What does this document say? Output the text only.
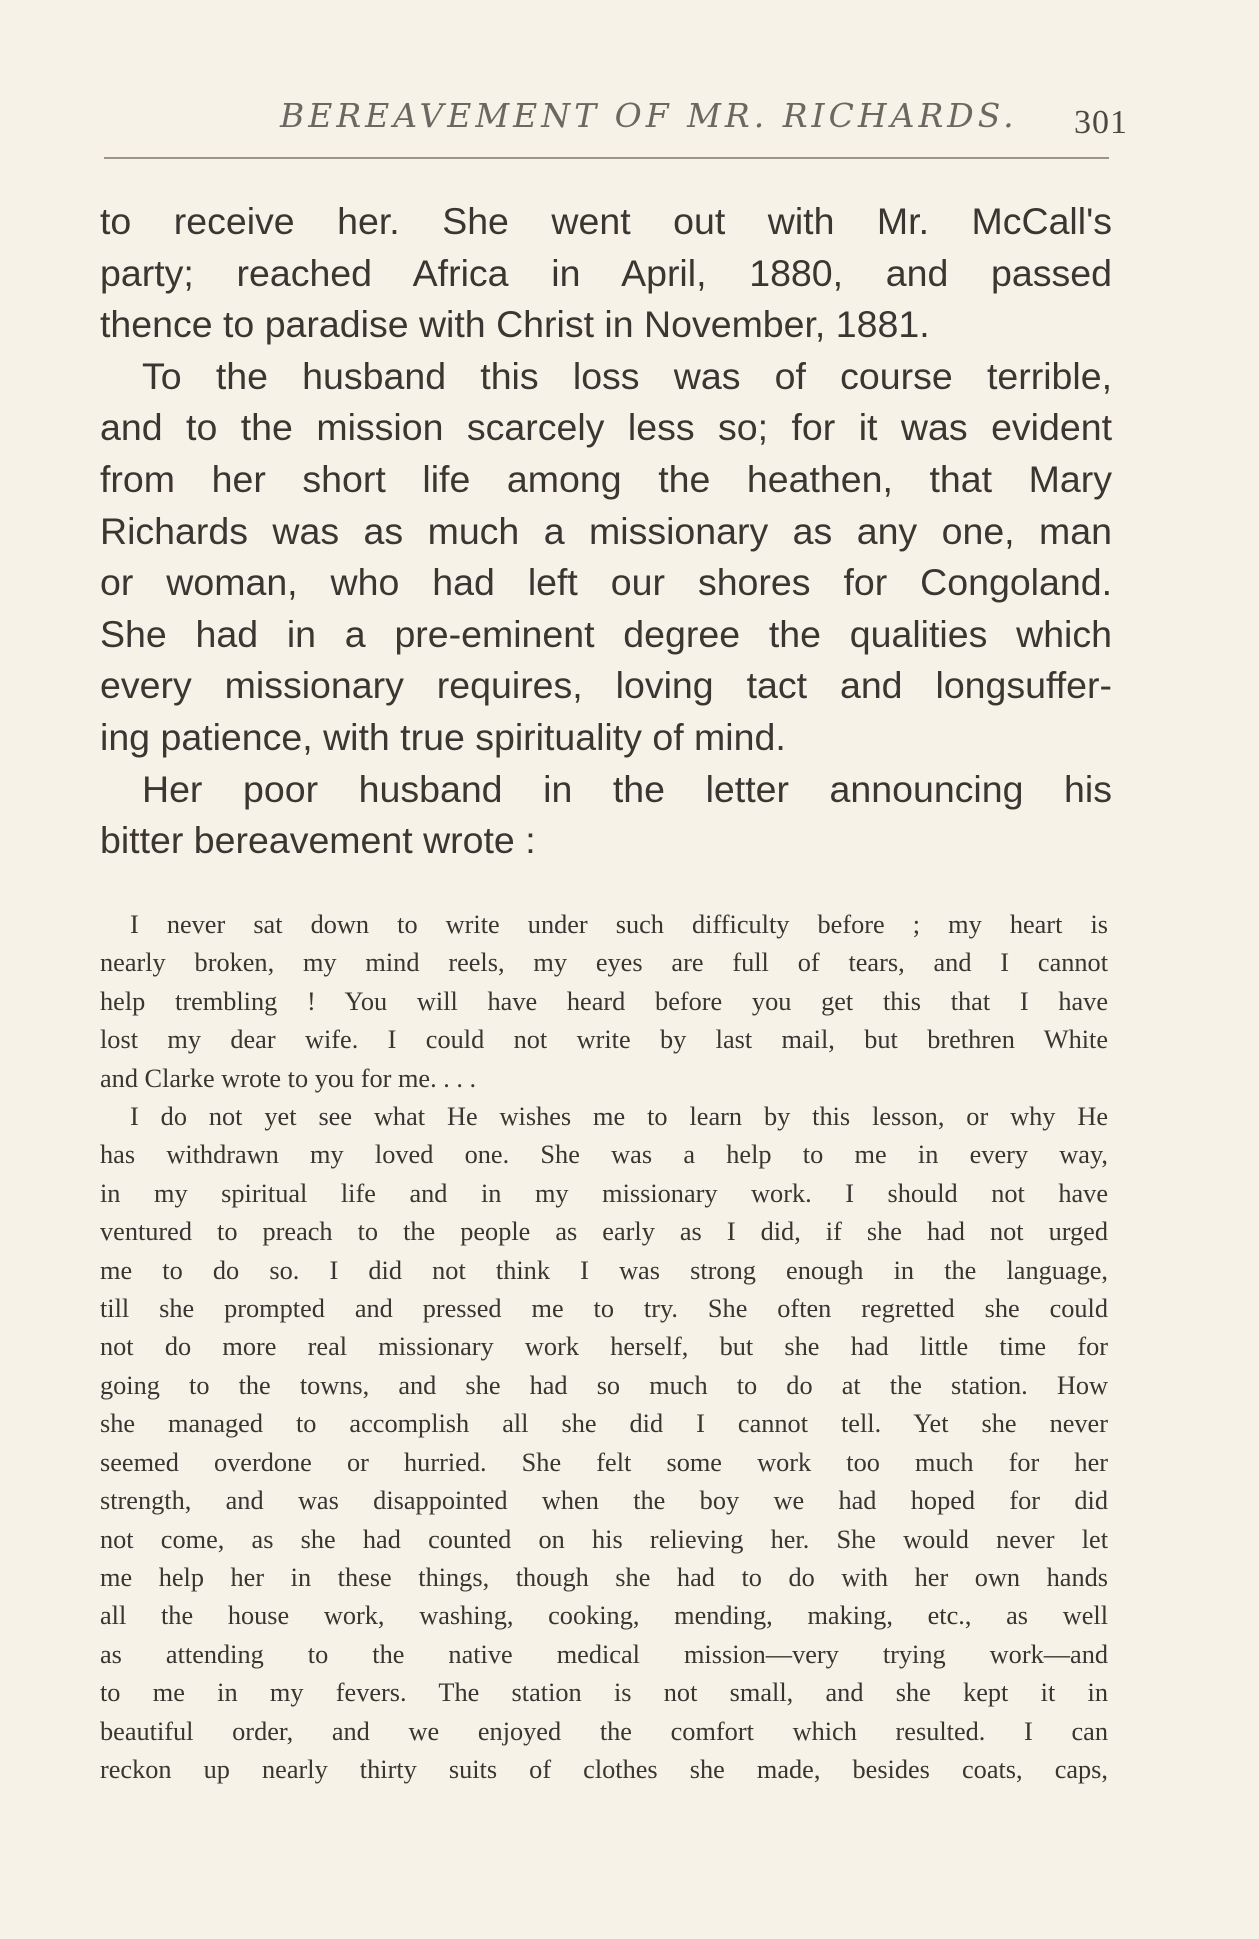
BEREAVEMENT OF MR. RICHARDS. 301
to receive her. She went out with Mr. McCall's
party; reached Africa in April, 1880, and passed
thence to paradise with Christ in November, 1881.
To the husband this loss was of course terrible,
and to the mission scarcely less so; for it was evident
from her short life among the heathen, that Mary
Richards was as much a missionary as any one, man
or woman, who had left our shores for Congoland.
She had in a pre-eminent degree the qualities which
every missionary requires, loving tact and longsuffer-
ing patience, with true spirituality of mind.
Her poor husband in the letter announcing his
bitter bereavement wrote :
I never sat down to write under such difficulty before ; my heart is
nearly broken, my mind reels, my eyes are full of tears, and I cannot
help trembling ! You will have heard before you get this that I have
lost my dear wife. I could not write by last mail, but brethren White
and Clarke wrote to you for me. . . .
I do not yet see what He wishes me to learn by this lesson, or why He
has withdrawn my loved one. She was a help to me in every way,
in my spiritual life and in my missionary work. I should not have
ventured to preach to the people as early as I did, if she had not urged
me to do so. I did not think I was strong enough in the language,
till she prompted and pressed me to try. She often regretted she could
not do more real missionary work herself, but she had little time for
going to the towns, and she had so much to do at the station. How
she managed to accomplish all she did I cannot tell. Yet she never
seemed overdone or hurried. She felt some work too much for her
strength, and was disappointed when the boy we had hoped for did
not come, as she had counted on his relieving her. She would never let
me help her in these things, though she had to do with her own hands
all the house work, washing, cooking, mending, making, etc., as well
as attending to the native medical mission—very trying work—and
to me in my fevers. The station is not small, and she kept it in
beautiful order, and we enjoyed the comfort which resulted. I can
reckon up nearly thirty suits of clothes she made, besides coats, caps,
